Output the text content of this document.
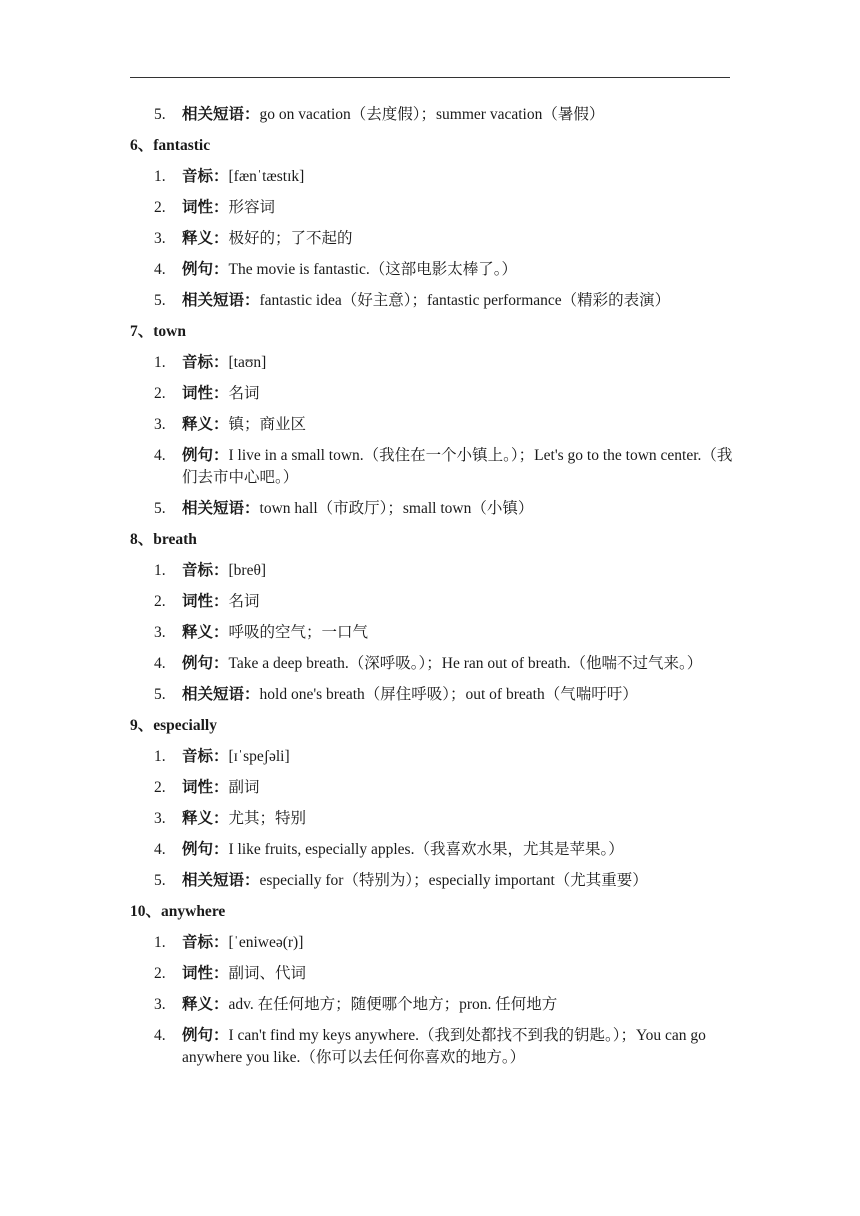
5. 相关短语：go on vacation（去度假）；summer vacation（暑假）
6、fantastic
1. 音标：[fænˈtæstɪk]
2. 词性：形容词
3. 释义：极好的；了不起的
4. 例句：The movie is fantastic.（这部电影太棒了。）
5. 相关短语：fantastic idea（好主意）；fantastic performance（精彩的表演）
7、town
1. 音标：[taʊn]
2. 词性：名词
3. 释义：镇；商业区
4. 例句：I live in a small town.（我住在一个小镇上。）；Let's go to the town center.（我们去市中心吧。）
5. 相关短语：town hall（市政厅）；small town（小镇）
8、breath
1. 音标：[breθ]
2. 词性：名词
3. 释义：呼吸的空气；一口气
4. 例句：Take a deep breath.（深呼吸。）；He ran out of breath.（他喘不过气来。）
5. 相关短语：hold one's breath（屏住呼吸）；out of breath（气喘吁吁）
9、especially
1. 音标：[ɪˈspeʃəli]
2. 词性：副词
3. 释义：尤其；特别
4. 例句：I like fruits, especially apples.（我喜欢水果，尤其是苹果。）
5. 相关短语：especially for（特别为）；especially important（尤其重要）
10、anywhere
1. 音标：[ˈeniweə(r)]
2. 词性：副词、代词
3. 释义：adv. 在任何地方；随便哪个地方；pron. 任何地方
4. 例句：I can't find my keys anywhere.（我到处都找不到我的钥匙。）；You can go anywhere you like.（你可以去任何你喜欢的地方。）
